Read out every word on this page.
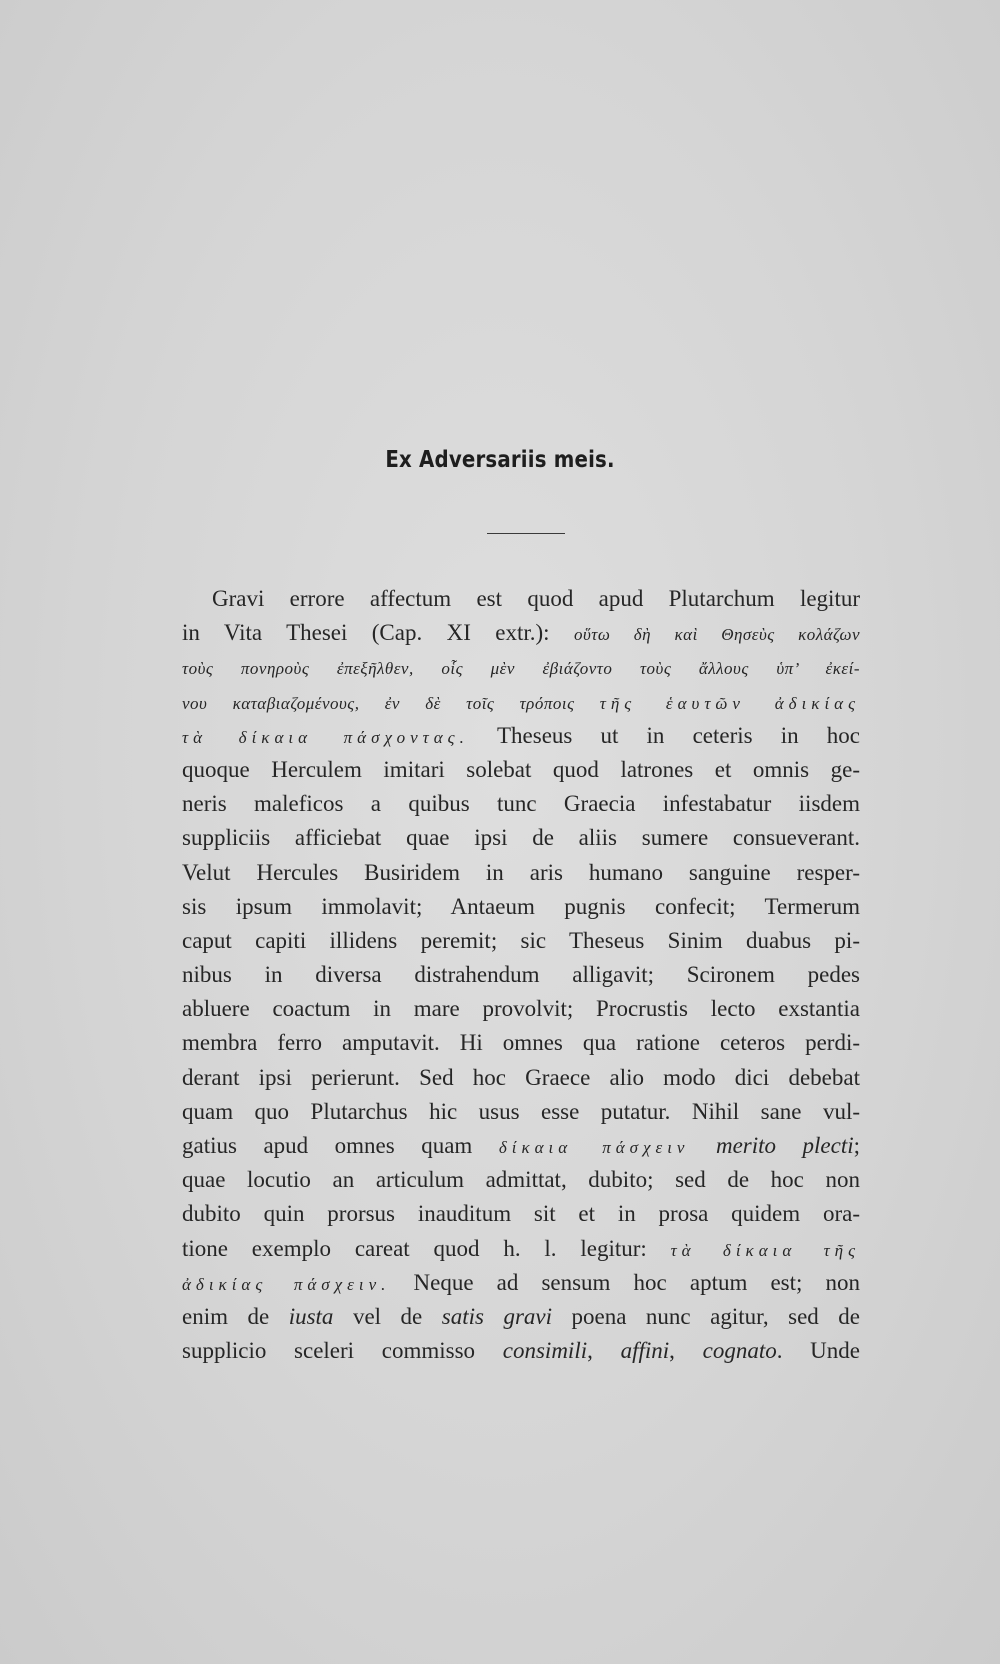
Ex Adversariis meis.
Gravi errore affectum est quod apud Plutarchum legitur
in Vita Thesei (Cap. XI extr.): οὕτω δὴ καὶ Θησεὺς κολάζων
τοὺς πονηροὺς ἐπεξῆλθεν, οἷς μὲν ἐβιάζοντο τοὺς ἄλλους ὑπ’ ἐκεί-
νου καταβιαζομένους, ἐν δὲ τοῖς τρόποις τῆς ἑαυτῶν ἀδικίας
τὰ δίκαια πάσχοντας. Theseus ut in ceteris in hoc
quoque Herculem imitari solebat quod latrones et omnis ge-
neris maleficos a quibus tunc Graecia infestabatur iisdem
suppliciis afficiebat quae ipsi de aliis sumere consueverant.
Velut Hercules Busiridem in aris humano sanguine resper-
sis ipsum immolavit; Antaeum pugnis confecit; Termerum
caput capiti illidens peremit; sic Theseus Sinim duabus pi-
nibus in diversa distrahendum alligavit; Scironem pedes
abluere coactum in mare provolvit; Procrustis lecto exstantia
membra ferro amputavit. Hi omnes qua ratione ceteros perdi-
derant ipsi perierunt. Sed hoc Graece alio modo dici debebat
quam quo Plutarchus hic usus esse putatur. Nihil sane vul-
gatius apud omnes quam δίκαια πάσχειν merito plecti;
quae locutio an articulum admittat, dubito; sed de hoc non
dubito quin prorsus inauditum sit et in prosa quidem ora-
tione exemplo careat quod h. l. legitur: τὰ δίκαια τῆς
ἀδικίας πάσχειν. Neque ad sensum hoc aptum est; non
enim de iusta vel de satis gravi poena nunc agitur, sed de
supplicio sceleri commisso consimili, affini, cognato. Unde
